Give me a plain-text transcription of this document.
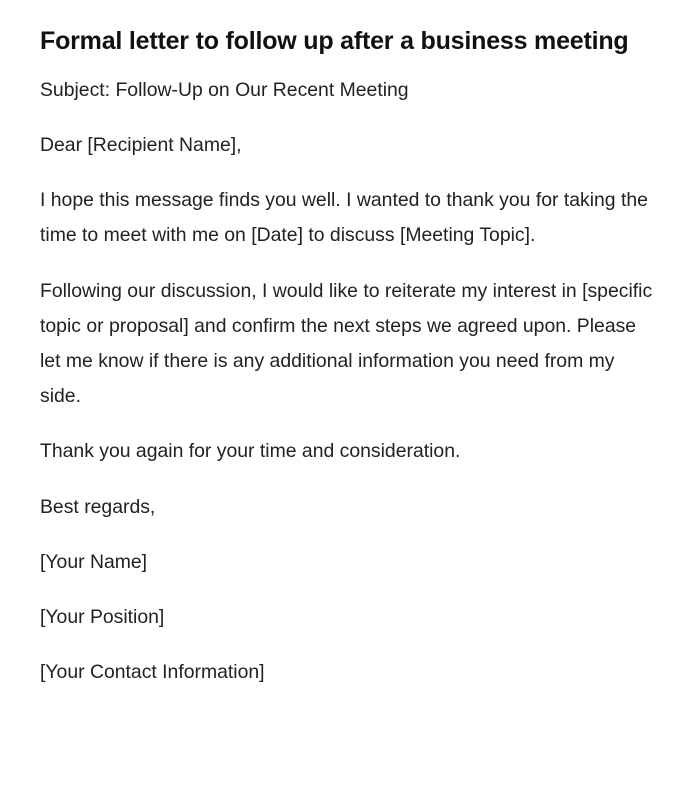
Formal letter to follow up after a business meeting

Subject: Follow-Up on Our Recent Meeting

Dear [Recipient Name],

I hope this message finds you well. I wanted to thank you for taking the time to meet with me on [Date] to discuss [Meeting Topic].

Following our discussion, I would like to reiterate my interest in [specific topic or proposal] and confirm the next steps we agreed upon. Please let me know if there is any additional information you need from my side.

Thank you again for your time and consideration.

Best regards,

[Your Name]

[Your Position]

[Your Contact Information]
